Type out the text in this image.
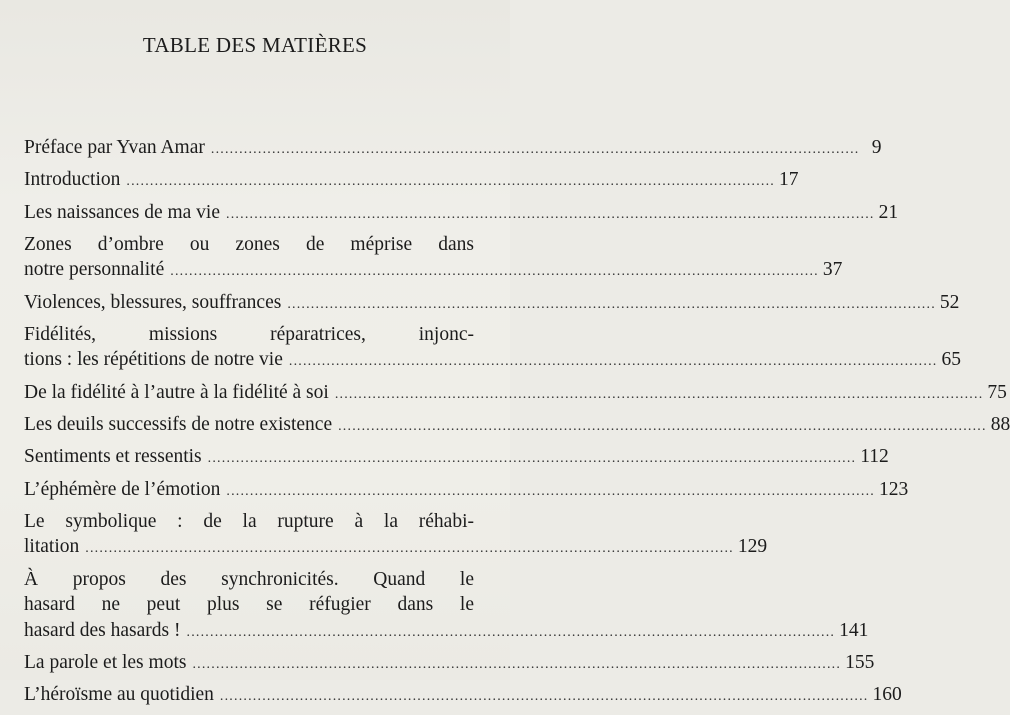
TABLE DES MATIÈRES
Préface par Yvan Amar .....	9
Introduction .....	17
Les naissances de ma vie .....	21
Zones d’ombre ou zones de méprise dans
notre personnalité .....	37
Violences, blessures, souffrances .....	52
Fidélités, missions réparatrices, injonc-
tions : les répétitions de notre vie .....	65
De la fidélité à l’autre à la fidélité à soi .....	75
Les deuils successifs de notre existence .....	88
Sentiments et ressentis .....	112
L’éphémère de l’émotion .....	123
Le symbolique : de la rupture à la réhabi-
litation .....	129
À propos des synchronicités. Quand le
hasard ne peut plus se réfugier dans le
hasard des hasards ! .....	141
La parole et les mots .....	155
L’héroïsme au quotidien .....	160
